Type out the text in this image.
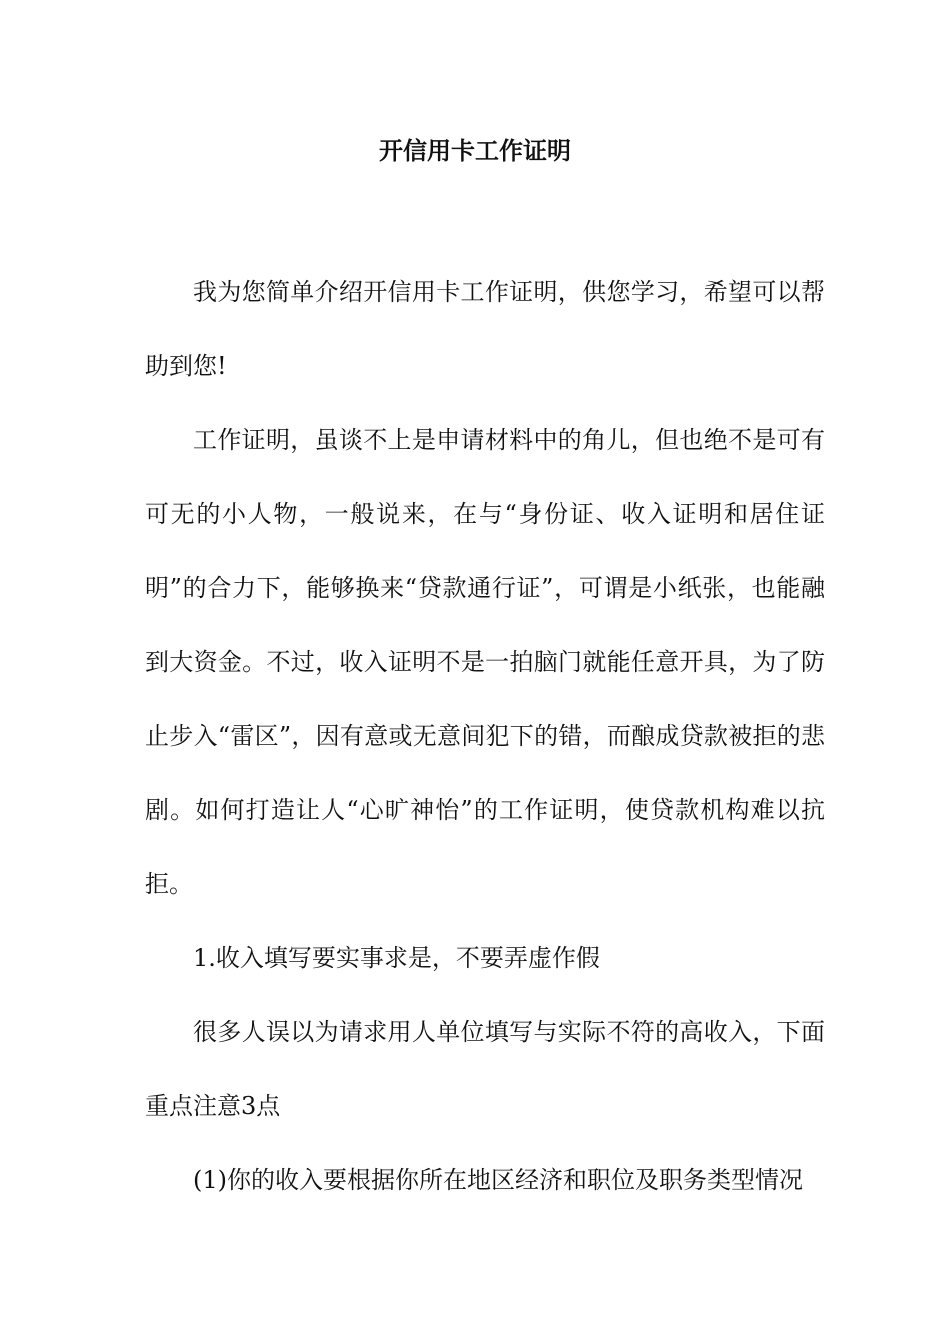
开信用卡工作证明

我为您简单介绍开信用卡工作证明，供您学习，希望可以帮助到您!

工作证明，虽谈不上是申请材料中的角儿，但也绝不是可有可无的小人物，一般说来，在与“身份证、收入证明和居住证明”的合力下，能够换来“贷款通行证”，可谓是小纸张，也能融到大资金。不过，收入证明不是一拍脑门就能任意开具，为了防止步入“雷区”，因有意或无意间犯下的错，而酿成贷款被拒的悲剧。如何打造让人“心旷神怡”的工作证明，使贷款机构难以抗拒。

1.收入填写要实事求是，不要弄虚作假

很多人误以为请求用人单位填写与实际不符的高收入，下面重点注意3点

(1)你的收入要根据你所在地区经济和职位及职务类型情况
